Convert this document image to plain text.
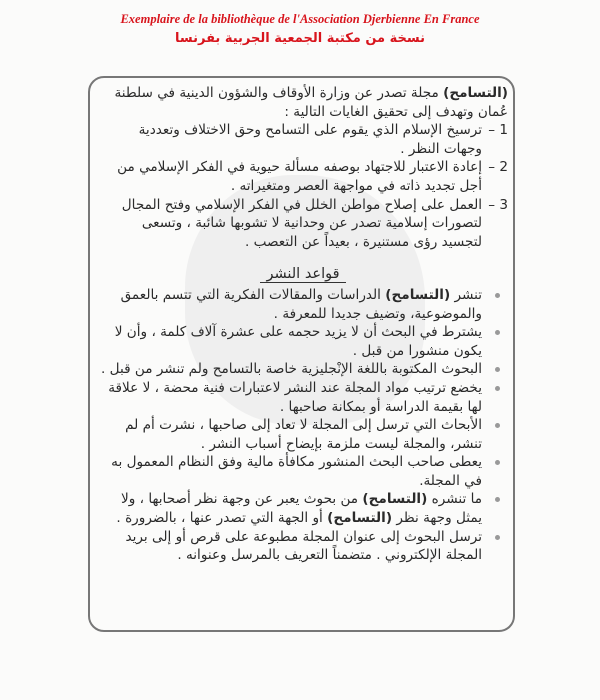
Exemplaire de la bibliothèque de l'Association Djerbienne En France
نسخة من مكتبة الجمعية الجربية بفرنسا

(التسامح) مجلة تصدر عن وزارة الأوقاف والشؤون الدينية في سلطنة عُمان وتهدف إلى تحقيق الغايات التالية :

1 –
ترسيخ الإسلام الذي يقوم على التسامح وحق الاختلاف وتعددية وجهات النظر .
2 –
إعادة الاعتبار للاجتهاد بوصفه مسألة حيوية في الفكر الإسلامي من أجل تجديد ذاته في مواجهة العصر ومتغيراته .
3 –
العمل على إصلاح مواطن الخلل في الفكر الإسلامي وفتح المجال لتصورات إسلامية تصدر عن وحدانية لا تشوبها شائبة ، وتسعى لتجسيد رؤى مستنيرة ، بعيداً عن التعصب .
قواعد النشر
تنشر (التسامح) الدراسات والمقالات الفكرية التي تتسم بالعمق والموضوعية، وتضيف جديدا للمعرفة .
يشترط في البحث أن لا يزيد حجمه على عشرة آلاف كلمة ، وأن لا يكون منشورا من قبل .
البحوث المكتوبة باللغة الإنْجليزية خاصة بالتسامح ولم تنشر من قبل .
يخضع ترتيب مواد المجلة عند النشر لاعتبارات فنية محضة ، لا علاقة لها بقيمة الدراسة أو بمكانة صاحبها .
الأبحاث التي ترسل إلى المجلة لا تعاد إلى صاحبها ، نشرت أم لم تنشر، والمجلة ليست ملزمة بإيضاح أسباب النشر .
يعطى صاحب البحث المنشور مكافأة مالية وفق النظام المعمول به في المجلة.
ما تنشره (التسامح) من بحوث يعبر عن وجهة نظر أصحابها ، ولا يمثل وجهة نظر (التسامح) أو الجهة التي تصدر عنها ، بالضرورة .
ترسل البحوث إلى عنوان المجلة مطبوعة على قرص أو إلى بريد المجلة الإلكتروني . متضمناً التعريف بالمرسل وعنوانه .
